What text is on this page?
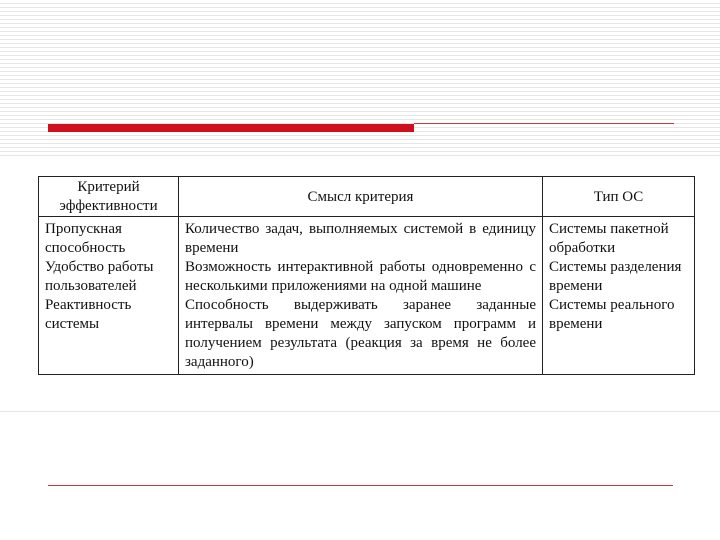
Критерий эффективности	Смысл критерия	Тип ОС
Пропускная способность	Количество задач, выполняемых системой в единицу времени	Системы пакетной обработки
Удобство работы пользователей	Возможность интерактивной работы одновременно с несколькими приложениями на одной машине	Системы разделения времени
Реактивность системы	Способность выдерживать заранее заданные интервалы времени между запуском программ и получением результата (реакция за время не более заданного)	Системы реального времени
